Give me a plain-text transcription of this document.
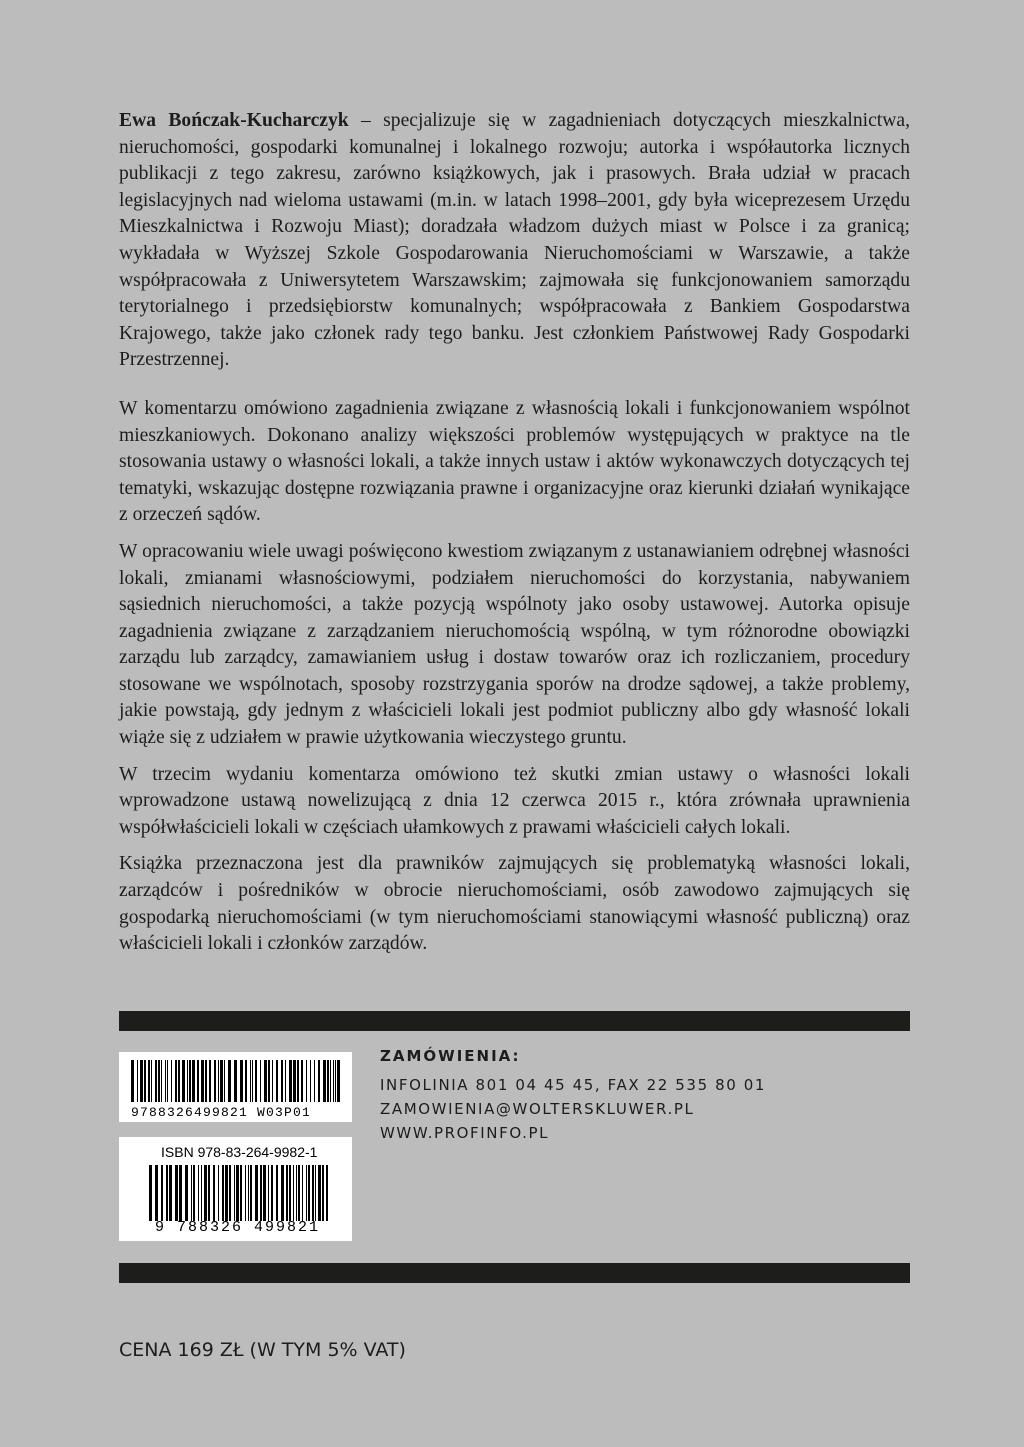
Ewa Bończak-Kucharczyk – specjalizuje się w zagadnieniach dotyczących mieszkalnictwa, nieruchomości, gospodarki komunalnej i lokalnego rozwoju; autorka i współautorka licznych publikacji z tego zakresu, zarówno książkowych, jak i prasowych. Brała udział w pracach legislacyjnych nad wieloma ustawami (m.in. w latach 1998–2001, gdy była wiceprezesem Urzędu Mieszkalnictwa i Rozwoju Miast); doradzała władzom dużych miast w Polsce i za granicą; wykładała w Wyższej Szkole Gospodarowania Nieruchomościami w Warszawie, a także współpracowała z Uniwersytetem Warszawskim; zajmowała się funkcjonowaniem samorządu terytorialnego i przedsiębiorstw komunalnych; współpracowała z Bankiem Gospodarstwa Krajowego, także jako członek rady tego banku. Jest członkiem Państwowej Rady Gospodarki Przestrzennej.

W komentarzu omówiono zagadnienia związane z własnością lokali i funkcjonowaniem wspólnot mieszkaniowych. Dokonano analizy większości problemów występujących w praktyce na tle stosowania ustawy o własności lokali, a także innych ustaw i aktów wykonawczych dotyczących tej tematyki, wskazując dostępne rozwiązania prawne i organizacyjne oraz kierunki działań wynikające z orzeczeń sądów.

W opracowaniu wiele uwagi poświęcono kwestiom związanym z ustanawianiem odrębnej własności lokali, zmianami własnościowymi, podziałem nieruchomości do korzystania, nabywaniem sąsiednich nieruchomości, a także pozycją wspólnoty jako osoby ustawowej. Autorka opisuje zagadnienia związane z zarządzaniem nieruchomością wspólną, w tym różnorodne obowiązki zarządu lub zarządcy, zamawianiem usług i dostaw towarów oraz ich rozliczaniem, procedury stosowane we wspólnotach, sposoby rozstrzygania sporów na drodze sądowej, a także problemy, jakie powstają, gdy jednym z właścicieli lokali jest podmiot publiczny albo gdy własność lokali wiąże się z udziałem w prawie użytkowania wieczystego gruntu.

W trzecim wydaniu komentarza omówiono też skutki zmian ustawy o własności lokali wprowadzone ustawą nowelizującą z dnia 12 czerwca 2015 r., która zrównała uprawnienia współwłaścicieli lokali w częściach ułamkowych z prawami właścicieli całych lokali.

Książka przeznaczona jest dla prawników zajmujących się problematyką własności lokali, zarządców i pośredników w obrocie nieruchomościami, osób zawodowo zajmujących się gospodarką nieruchomościami (w tym nieruchomościami stanowiącymi własność publiczną) oraz właścicieli lokali i członków zarządów.

9788326499821 W03P01
ISBN 978-83-264-9982-1
9 788326 499821
ZAMÓWIENIA:
INFOLINIA 801 04 45 45, FAX 22 535 80 01
ZAMOWIENIA@WOLTERSKLUWER.PL
WWW.PROFINFO.PL
CENA 169 ZŁ (W TYM 5% VAT)
